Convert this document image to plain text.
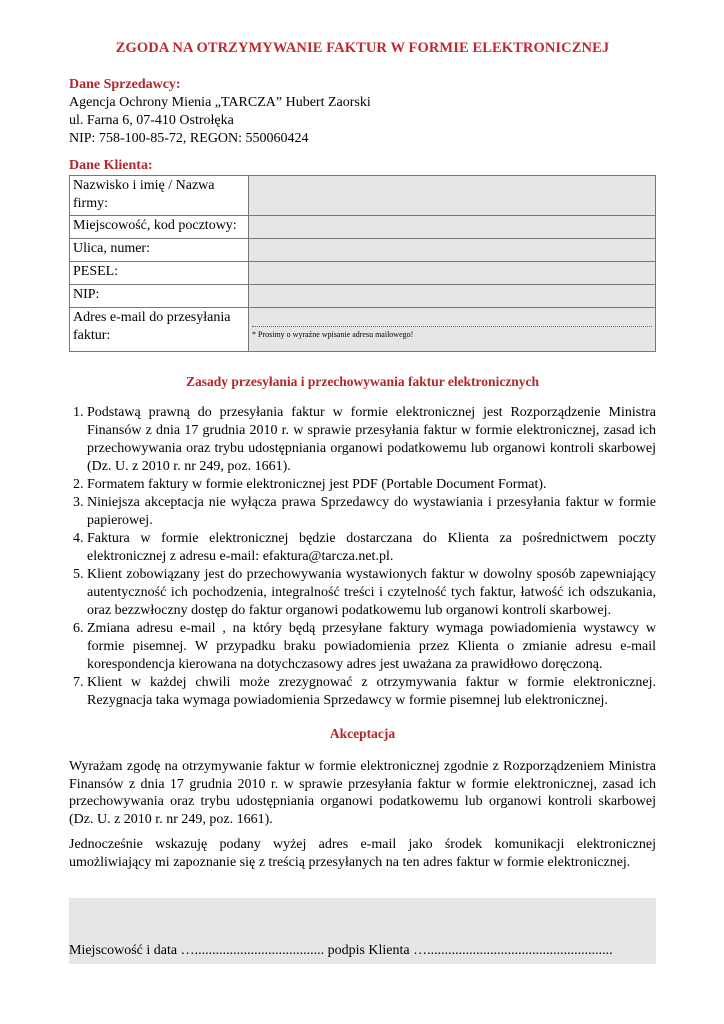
ZGODA NA OTRZYMYWANIE FAKTUR W FORMIE ELEKTRONICZNEJ
Dane Sprzedawcy:
Agencja Ochrony Mienia „TARCZA” Hubert Zaorski
ul. Farna 6, 07-410 Ostrołęka
NIP: 758-100-85-72, REGON: 550060424
Dane Klienta:
Nazwisko i imię / Nazwa firmy:	
Miejscowość, kod pocztowy:	
Ulica, numer:	
PESEL:	
NIP:	
Adres e-mail do przesyłania faktur:	* Prosimy o wyraźne wpisanie adresu mailowego!
Zasady przesyłania i przechowywania faktur elektronicznych
1. Podstawą prawną do przesyłania faktur w formie elektronicznej jest Rozporządzenie Ministra Finansów z dnia 17 grudnia 2010 r. w sprawie przesyłania faktur w formie elektronicznej, zasad ich przechowywania oraz trybu udostępniania organowi podatkowemu lub organowi kontroli skarbowej (Dz. U. z 2010 r. nr 249, poz. 1661).
2. Formatem faktury w formie elektronicznej jest PDF (Portable Document Format).
3. Niniejsza akceptacja nie wyłącza prawa Sprzedawcy do wystawiania i przesyłania faktur w formie papierowej.
4. Faktura w formie elektronicznej będzie dostarczana do Klienta za pośrednictwem poczty elektronicznej z adresu e-mail: efaktura@tarcza.net.pl.
5. Klient zobowiązany jest do przechowywania wystawionych faktur w dowolny sposób zapewniający autentyczność ich pochodzenia, integralność treści i czytelność tych faktur, łatwość ich odszukania, oraz bezzwłoczny dostęp do faktur organowi podatkowemu lub organowi kontroli skarbowej.
6. Zmiana adresu e-mail , na który będą przesyłane faktury wymaga powiadomienia wystawcy w formie pisemnej. W przypadku braku powiadomienia przez Klienta o zmianie adresu e-mail korespondencja kierowana na dotychczasowy adres jest uważana za prawidłowo doręczoną.
7. Klient w każdej chwili może zrezygnować z otrzymywania faktur w formie elektronicznej. Rezygnacja taka wymaga powiadomienia Sprzedawcy w formie pisemnej lub elektronicznej.
Akceptacja

Wyrażam zgodę na otrzymywanie faktur w formie elektronicznej zgodnie z Rozporządzeniem Ministra Finansów z dnia 17 grudnia 2010 r. w sprawie przesyłania faktur w formie elektronicznej, zasad ich przechowywania oraz trybu udostępniania organowi podatkowemu lub organowi kontroli skarbowej (Dz. U. z 2010 r. nr 249, poz. 1661).

Jednocześnie wskazuję podany wyżej adres e-mail jako środek komunikacji elektronicznej umożliwiający mi zapoznanie się z treścią przesyłanych na ten adres faktur w formie elektronicznej.

Miejscowość i data …..................................... podpis Klienta ….....................................................
